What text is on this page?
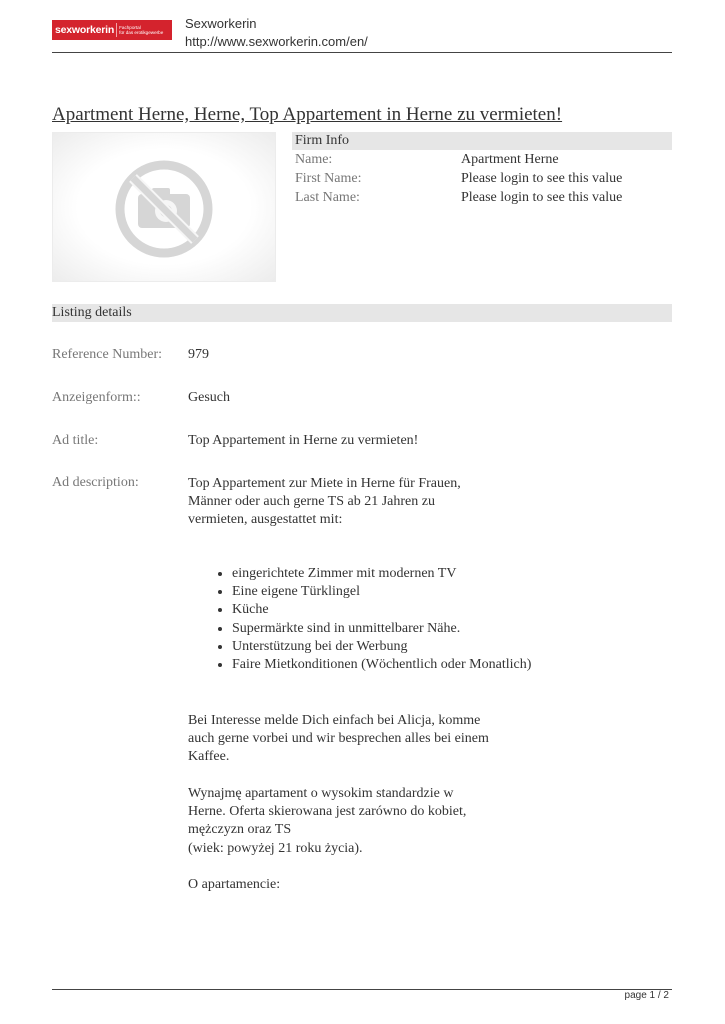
sexworkerin Fachportal
für das erotikgewerbe
Sexworkerin
http://www.sexworkerin.com/en/
Apartment Herne, Herne, Top Appartement in Herne zu vermieten!
Firm Info
Name:	Apartment Herne
First Name:	Please login to see this value
Last Name:	Please login to see this value
Listing details
Reference Number: 979
Anzeigenform::	Gesuch
Ad title:	Top Appartement in Herne zu vermieten!
Ad description:	Top Appartement zur Miete in Herne für Frauen, Männer oder auch gerne TS ab 21 Jahren zu vermieten, ausgestattet mit:
• eingerichtete Zimmer mit modernen TV
• Eine eigene Türklingel
• Küche
• Supermärkte sind in unmittelbarer Nähe.
• Unterstützung bei der Werbung
• Faire Mietkonditionen (Wöchentlich oder Monatlich)
Bei Interesse melde Dich einfach bei Alicja, komme auch gerne vorbei und wir besprechen alles bei einem Kaffee.
Wynajmę apartament o wysokim standardzie w Herne. Oferta skierowana jest zarówno do kobiet, mężczyzn oraz TS
(wiek: powyżej 21 roku życia).
O apartamencie:
page 1 / 2
